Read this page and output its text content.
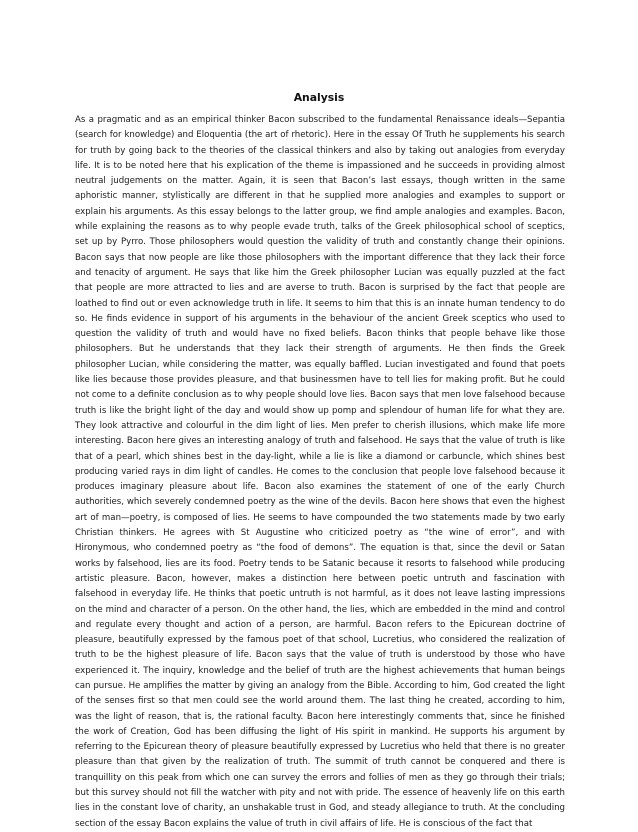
Analysis

As a pragmatic and as an empirical thinker Bacon subscribed to the fundamental Renaissance ideals—Sepantia (search for knowledge) and Eloquentia (the art of rhetoric). Here in the essay Of Truth he supplements his search for truth by going back to the theories of the classical thinkers and also by taking out analogies from everyday life. It is to be noted here that his explication of the theme is impassioned and he succeeds in providing almost neutral judgements on the matter. Again, it is seen that Bacon’s last essays, though written in the same aphoristic manner, stylistically are different in that he supplied more analogies and examples to support or explain his arguments. As this essay belongs to the latter group, we find ample analogies and examples. Bacon, while explaining the reasons as to why people evade truth, talks of the Greek philosophical school of sceptics, set up by Pyrro. Those philosophers would question the validity of truth and constantly change their opinions. Bacon says that now people are like those philosophers with the important difference that they lack their force and tenacity of argument. He says that like him the Greek philosopher Lucian was equally puzzled at the fact that people are more attracted to lies and are averse to truth. Bacon is surprised by the fact that people are loathed to find out or even acknowledge truth in life. It seems to him that this is an innate human tendency to do so. He finds evidence in support of his arguments in the behaviour of the ancient Greek sceptics who used to question the validity of truth and would have no fixed beliefs. Bacon thinks that people behave like those philosophers. But he understands that they lack their strength of arguments. He then finds the Greek philosopher Lucian, while considering the matter, was equally baffled. Lucian investigated and found that poets like lies because those provides pleasure, and that businessmen have to tell lies for making profit. But he could not come to a definite conclusion as to why people should love lies. Bacon says that men love falsehood because truth is like the bright light of the day and would show up pomp and splendour of human life for what they are. They look attractive and colourful in the dim light of lies. Men prefer to cherish illusions, which make life more interesting. Bacon here gives an interesting analogy of truth and falsehood. He says that the value of truth is like that of a pearl, which shines best in the day-light, while a lie is like a diamond or carbuncle, which shines best producing varied rays in dim light of candles. He comes to the conclusion that people love falsehood because it produces imaginary pleasure about life. Bacon also examines the statement of one of the early Church authorities, which severely condemned poetry as the wine of the devils. Bacon here shows that even the highest art of man—poetry, is composed of lies. He seems to have compounded the two statements made by two early Christian thinkers. He agrees with St Augustine who criticized poetry as “the wine of error”, and with Hironymous, who condemned poetry as “the food of demons”. The equation is that, since the devil or Satan works by falsehood, lies are its food. Poetry tends to be Satanic because it resorts to falsehood while producing artistic pleasure. Bacon, however, makes a distinction here between poetic untruth and fascination with falsehood in everyday life. He thinks that poetic untruth is not harmful, as it does not leave lasting impressions on the mind and character of a person. On the other hand, the lies, which are embedded in the mind and control and regulate every thought and action of a person, are harmful. Bacon refers to the Epicurean doctrine of pleasure, beautifully expressed by the famous poet of that school, Lucretius, who considered the realization of truth to be the highest pleasure of life. Bacon says that the value of truth is understood by those who have experienced it. The inquiry, knowledge and the belief of truth are the highest achievements that human beings can pursue. He amplifies the matter by giving an analogy from the Bible. According to him, God created the light of the senses first so that men could see the world around them. The last thing he created, according to him, was the light of reason, that is, the rational faculty. Bacon here interestingly comments that, since he finished the work of Creation, God has been diffusing the light of His spirit in mankind. He supports his argument by referring to the Epicurean theory of pleasure beautifully expressed by Lucretius who held that there is no greater pleasure than that given by the realization of truth. The summit of truth cannot be conquered and there is tranquillity on this peak from which one can survey the errors and follies of men as they go through their trials; but this survey should not fill the watcher with pity and not with pride. The essence of heavenly life on this earth lies in the constant love of charity, an unshakable trust in God, and steady allegiance to truth. At the concluding section of the essay Bacon explains the value of truth in civil affairs of life. He is conscious of the fact that
